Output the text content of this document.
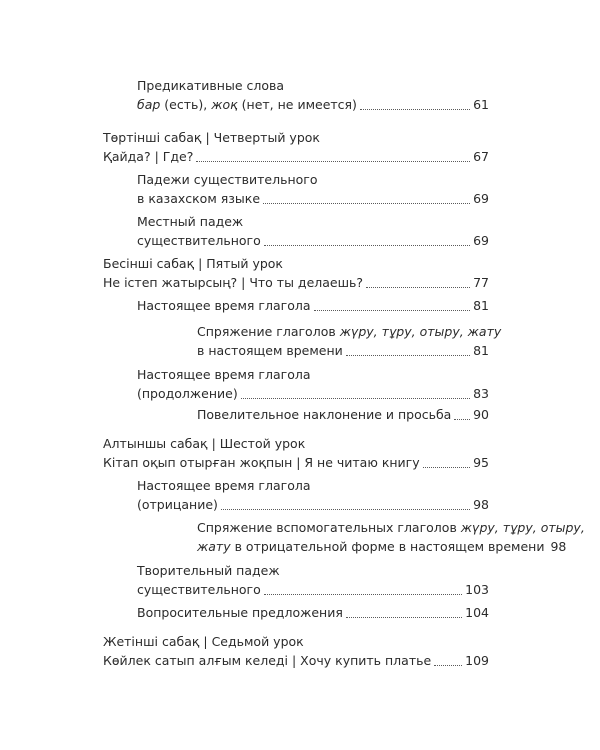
Предикативные слова
бар (есть), жоқ (нет, не имеется)	61
Төртінші сабақ | Четвертый урок
Қайда? | Где?	67
Падежи существительного
в казахском языке	69
Местный падеж
существительного	69
Бесінші сабақ | Пятый урок
Не істеп жатырсың? | Что ты делаешь?	77
Настоящее время глагола	81
Спряжение глаголов жүру, тұру, отыру, жату
в настоящем времени	81
Настоящее время глагола
(продолжение)	83
Повелительное наклонение и просьба 90
Алтыншы сабақ | Шестой урок
Кітап оқып отырған жоқпын | Я не читаю книгу	95
Настоящее время глагола
(отрицание)	98
Спряжение вспомогательных глаголов жүру, тұру, отыру,
жату в отрицательной форме в настоящем времени 98
Творительный падеж
существительного	103
Вопросительные предложения	104
Жетінші сабақ | Седьмой урок
Көйлек сатып алғым келеді | Хочу купить платье	109
